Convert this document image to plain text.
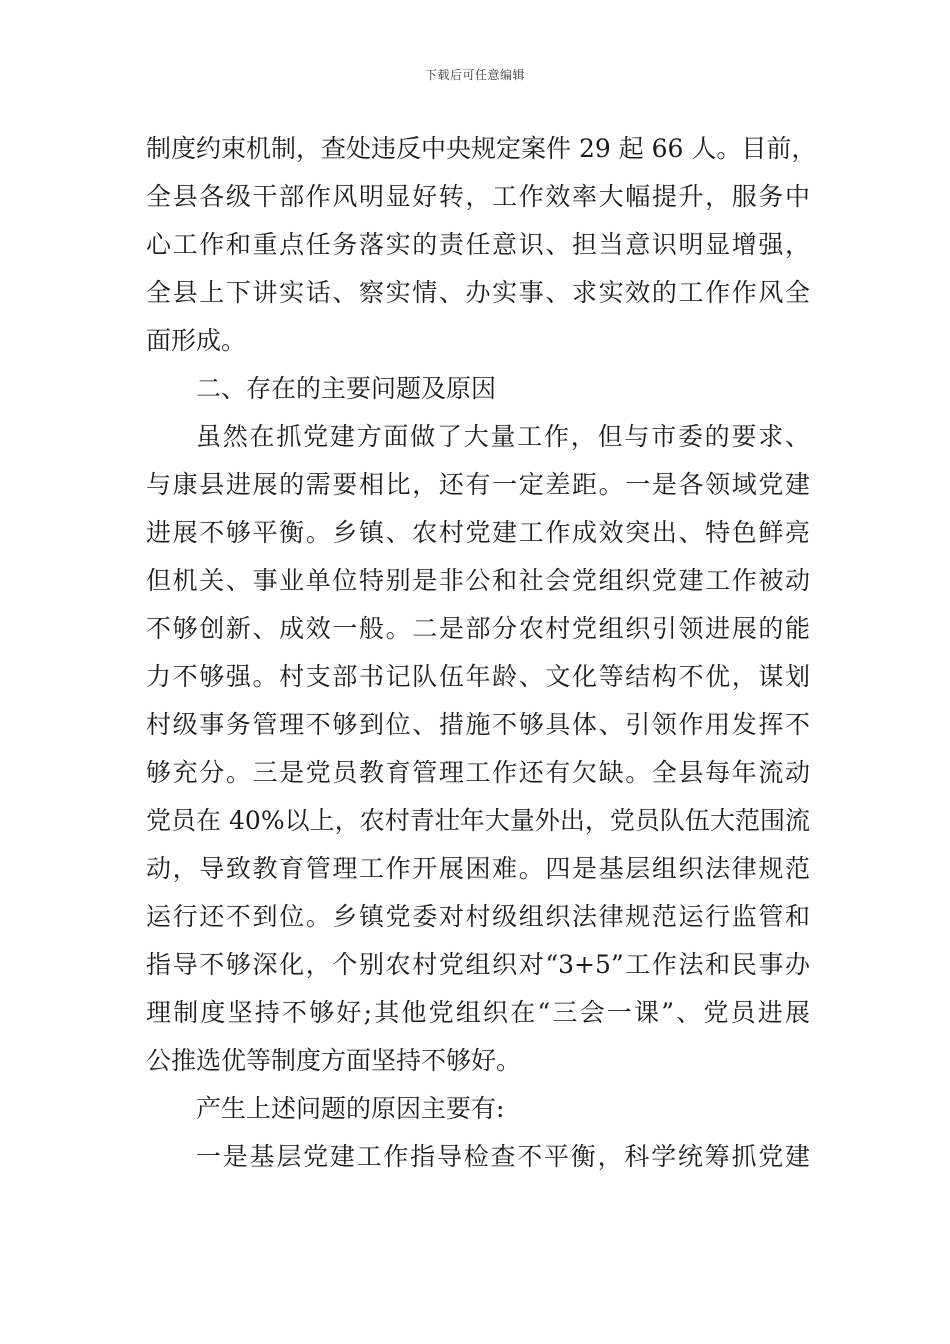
下载后可任意编辑
制度约束机制，查处违反中央规定案件 29 起 66 人。目前，
全县各级干部作风明显好转，工作效率大幅提升，服务中
心工作和重点任务落实的责任意识、担当意识明显增强，
全县上下讲实话、察实情、办实事、求实效的工作作风全
面形成。
二、存在的主要问题及原因
虽然在抓党建方面做了大量工作，但与市委的要求、
与康县进展的需要相比，还有一定差距。一是各领域党建
进展不够平衡。乡镇、农村党建工作成效突出、特色鲜亮
但机关、事业单位特别是非公和社会党组织党建工作被动
不够创新、成效一般。二是部分农村党组织引领进展的能
力不够强。村支部书记队伍年龄、文化等结构不优，谋划
村级事务管理不够到位、措施不够具体、引领作用发挥不
够充分。三是党员教育管理工作还有欠缺。全县每年流动
党员在 40%以上，农村青壮年大量外出，党员队伍大范围流
动，导致教育管理工作开展困难。四是基层组织法律规范
运行还不到位。乡镇党委对村级组织法律规范运行监管和
指导不够深化，个别农村党组织对“3+5”工作法和民事办
理制度坚持不够好;其他党组织在“三会一课”、党员进展
公推选优等制度方面坚持不够好。
产生上述问题的原因主要有:
一是基层党建工作指导检查不平衡，科学统筹抓党建
